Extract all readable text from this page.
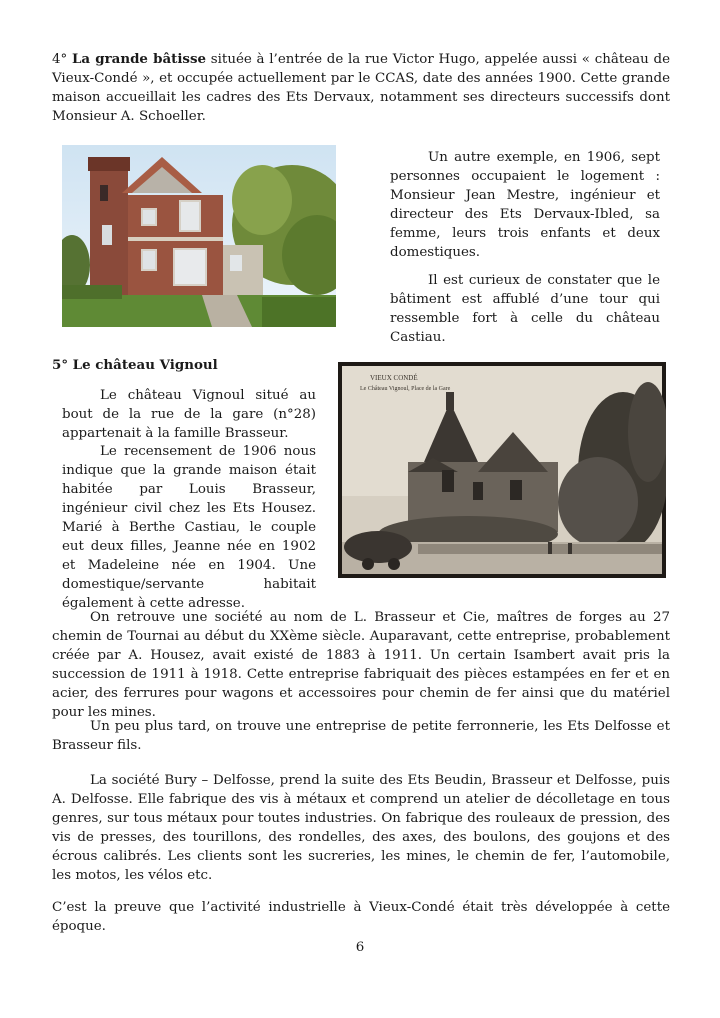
4° La grande bâtisse située à l’entrée de la rue Victor Hugo, appelée aussi « château de Vieux-Condé », et occupée actuellement par le CCAS, date des années 1900. Cette grande maison accueillait les cadres des Ets Dervaux, notamment ses directeurs successifs dont Monsieur A. Schoeller.

Un autre exemple, en 1906, sept personnes occupaient le logement : Monsieur Jean Mestre, ingénieur et directeur des Ets Dervaux-Ibled, sa femme, leurs trois enfants et deux domestiques.

Il est curieux de constater que le bâtiment est affublé d’une tour qui ressemble fort à celle du château Castiau.

5° Le château Vignoul

Le château Vignoul situé au bout de la rue de la gare (n°28) appartenait à la famille Brasseur.

Le recensement de 1906 nous indique que la grande maison était habitée par Louis Brasseur, ingénieur civil chez les Ets Housez. Marié à Berthe Castiau, le couple eut deux filles, Jeanne née en 1902 et Madeleine née en 1904. Une domestique/servante habitait également à cette adresse.

VIEUX CONDÉ
Le Château Vignoul, Place de la Gare

On retrouve une société au nom de L. Brasseur et Cie, maîtres de forges au 27 chemin de Tournai au début du XXème siècle. Auparavant, cette entreprise, probablement créée par A. Housez, avait existé de 1883 à 1911. Un certain Isambert avait pris la succession de 1911 à 1918. Cette entreprise fabriquait des pièces estampées en fer et en acier, des ferrures pour wagons et accessoires pour chemin de fer ainsi que du matériel pour les mines.

Un peu plus tard, on trouve une entreprise de petite ferronnerie, les Ets Delfosse et Brasseur fils.

La société Bury – Delfosse, prend la suite des Ets Beudin, Brasseur et Delfosse, puis A. Delfosse. Elle fabrique des vis à métaux et comprend un atelier de décolletage en tous genres, sur tous métaux pour toutes industries. On fabrique des rouleaux de pression, des vis de presses, des tourillons, des rondelles, des axes, des boulons, des goujons et des écrous calibrés. Les clients sont les sucreries, les mines, le chemin de fer, l’automobile, les motos, les vélos etc.

C’est la preuve que l’activité industrielle à Vieux-Condé était très développée à cette époque.

6
